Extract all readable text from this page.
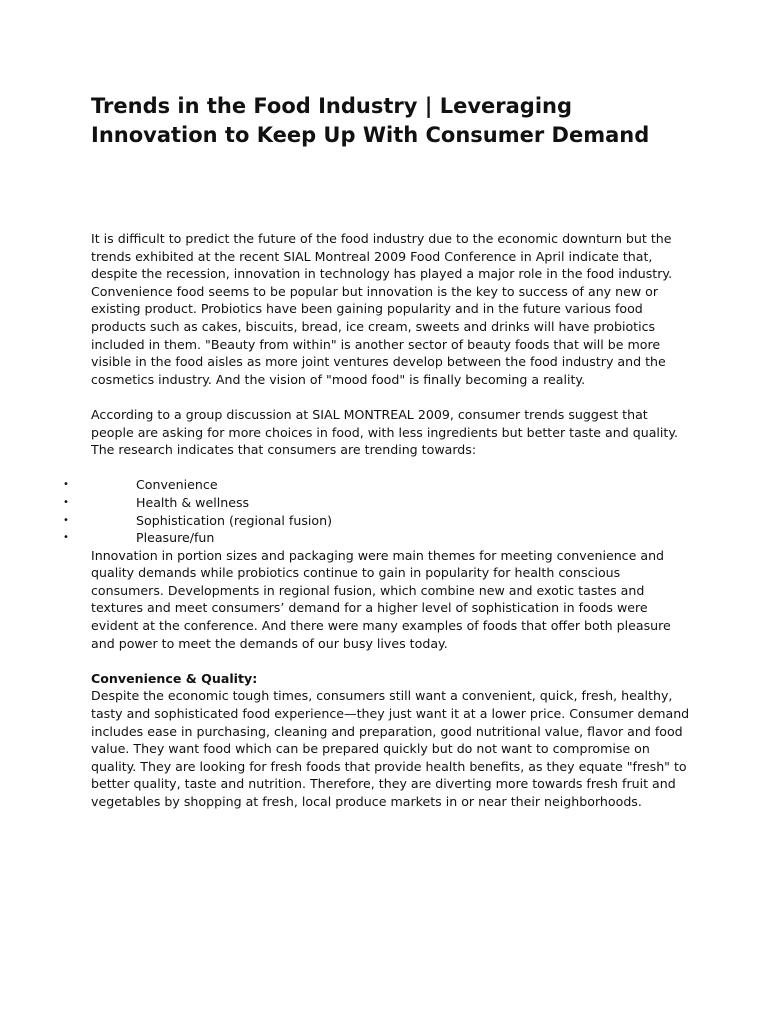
Trends in the Food Industry | Leveraging Innovation to Keep Up With Consumer Demand

It is difficult to predict the future of the food industry due to the economic downturn but the trends exhibited at the recent SIAL Montreal 2009 Food Conference in April indicate that, despite the recession, innovation in technology has played a major role in the food industry. Convenience food seems to be popular but innovation is the key to success of any new or existing product. Probiotics have been gaining popularity and in the future various food products such as cakes, biscuits, bread, ice cream, sweets and drinks will have probiotics included in them. "Beauty from within" is another sector of beauty foods that will be more visible in the food aisles as more joint ventures develop between the food industry and the cosmetics industry. And the vision of "mood food" is finally becoming a reality.

According to a group discussion at SIAL MONTREAL 2009, consumer trends suggest that people are asking for more choices in food, with less ingredients but better taste and quality. The research indicates that consumers are trending towards:

•	Convenience
•	Health & wellness
•	Sophistication (regional fusion)
•	Pleasure/fun

Innovation in portion sizes and packaging were main themes for meeting convenience and quality demands while probiotics continue to gain in popularity for health conscious consumers. Developments in regional fusion, which combine new and exotic tastes and textures and meet consumers’ demand for a higher level of sophistication in foods were evident at the conference. And there were many examples of foods that offer both pleasure and power to meet the demands of our busy lives today.

Convenience & Quality:

Despite the economic tough times, consumers still want a convenient, quick, fresh, healthy, tasty and sophisticated food experience—they just want it at a lower price. Consumer demand includes ease in purchasing, cleaning and preparation, good nutritional value, flavor and food value. They want food which can be prepared quickly but do not want to compromise on quality. They are looking for fresh foods that provide health benefits, as they equate "fresh" to better quality, taste and nutrition. Therefore, they are diverting more towards fresh fruit and vegetables by shopping at fresh, local produce markets in or near their neighborhoods.
